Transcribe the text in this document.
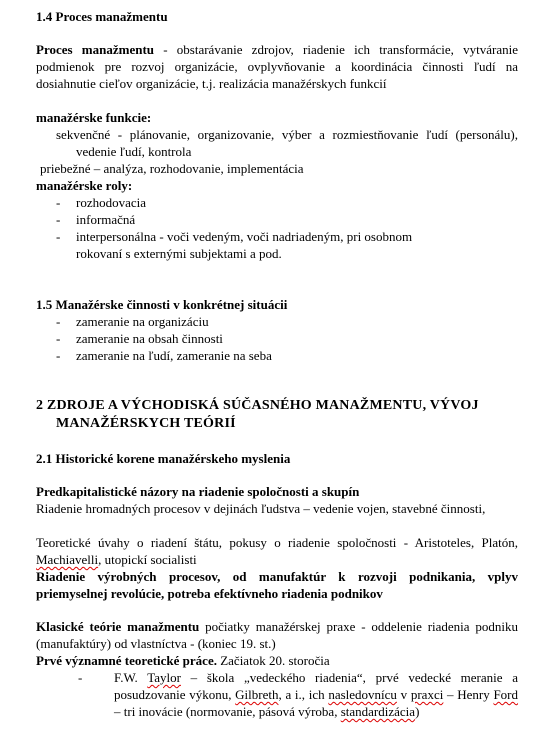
1.4 Proces manažmentu
Proces manažmentu - obstarávanie zdrojov, riadenie ich transformácie, vytváranie podmienok pre rozvoj organizácie, ovplyvňovanie a koordinácia činnosti ľudí na dosiahnutie cieľov organizácie, t.j. realizácia manažérskych funkcií
manažérske funkcie:
sekvenčné - plánovanie, organizovanie, výber a rozmiestňovanie ľudí (personálu), vedenie ľudí, kontrola
priebežné – analýza, rozhodovanie, implementácia
manažérske roly:
- rozhodovacia
- informačná
- interpersonálna - voči vedeným, voči nadriadeným, pri osobnom rokovaní s externými subjektami a pod.
1.5 Manažérske činnosti v konkrétnej situácii
- zameranie na organizáciu
- zameranie na obsah činnosti
- zameranie na ľudí, zameranie na seba
2 ZDROJE A VÝCHODISKÁ SÚČASNÉHO MANAŽMENTU, VÝVOJ MANAŽÉRSKYCH TEÓRIÍ
2.1 Historické korene manažérskeho myslenia
Predkapitalistické názory na riadenie spoločnosti a skupín
Riadenie hromadných procesov v dejinách ľudstva – vedenie vojen, stavebné činnosti,
Teoretické úvahy o riadení štátu, pokusy o riadenie spoločnosti - Aristoteles, Platón, Machiavelli, utopickí socialisti
Riadenie výrobných procesov, od manufaktúr k rozvoji podnikania, vplyv priemyselnej revolúcie, potreba efektívneho riadenia podnikov
Klasické teórie manažmentu počiatky manažérskej praxe - oddelenie riadenia podniku (manufaktúry) od vlastníctva - (koniec 19. st.)
Prvé významné teoretické práce. Začiatok 20. storočia
- F.W. Taylor – škola „vedeckého riadenia“, prvé vedecké meranie a posudzovanie výkonu, Gilbreth, a i., ich nasledovnícu v praxci – Henry Ford – tri inovácie (normovanie, pásová výroba, standardizácia)
